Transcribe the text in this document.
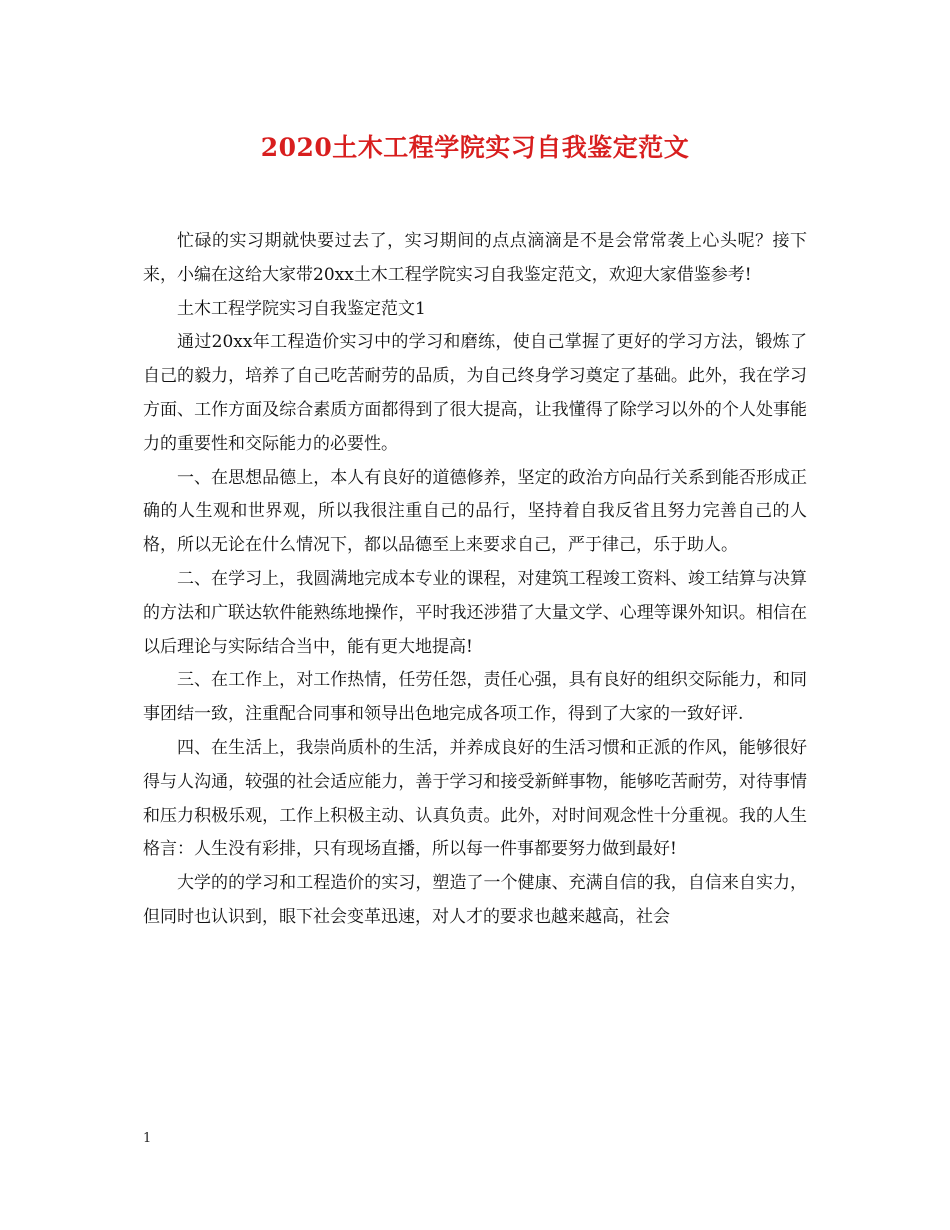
2020土木工程学院实习自我鉴定范文

忙碌的实习期就快要过去了，实习期间的点点滴滴是不是会常常袭上心头呢？接下来，小编在这给大家带20xx土木工程学院实习自我鉴定范文，欢迎大家借鉴参考!

土木工程学院实习自我鉴定范文1

通过20xx年工程造价实习中的学习和磨练，使自己掌握了更好的学习方法，锻炼了自己的毅力，培养了自己吃苦耐劳的品质，为自己终身学习奠定了基础。此外，我在学习方面、工作方面及综合素质方面都得到了很大提高，让我懂得了除学习以外的个人处事能力的重要性和交际能力的必要性。

一、在思想品德上，本人有良好的道德修养，坚定的政治方向品行关系到能否形成正确的人生观和世界观，所以我很注重自己的品行，坚持着自我反省且努力完善自己的人格，所以无论在什么情况下，都以品德至上来要求自己，严于律己，乐于助人。

二、在学习上，我圆满地完成本专业的课程，对建筑工程竣工资料、竣工结算与决算的方法和广联达软件能熟练地操作，平时我还涉猎了大量文学、心理等课外知识。相信在以后理论与实际结合当中，能有更大地提高!

三、在工作上，对工作热情，任劳任怨，责任心强，具有良好的组织交际能力，和同事团结一致，注重配合同事和领导出色地完成各项工作，得到了大家的一致好评.

四、在生活上，我崇尚质朴的生活，并养成良好的生活习惯和正派的作风，能够很好得与人沟通，较强的社会适应能力，善于学习和接受新鲜事物，能够吃苦耐劳，对待事情和压力积极乐观，工作上积极主动、认真负责。此外，对时间观念性十分重视。我的人生格言：人生没有彩排，只有现场直播，所以每一件事都要努力做到最好!

大学的的学习和工程造价的实习，塑造了一个健康、充满自信的我，自信来自实力，但同时也认识到，眼下社会变革迅速，对人才的要求也越来越高，社会

1
